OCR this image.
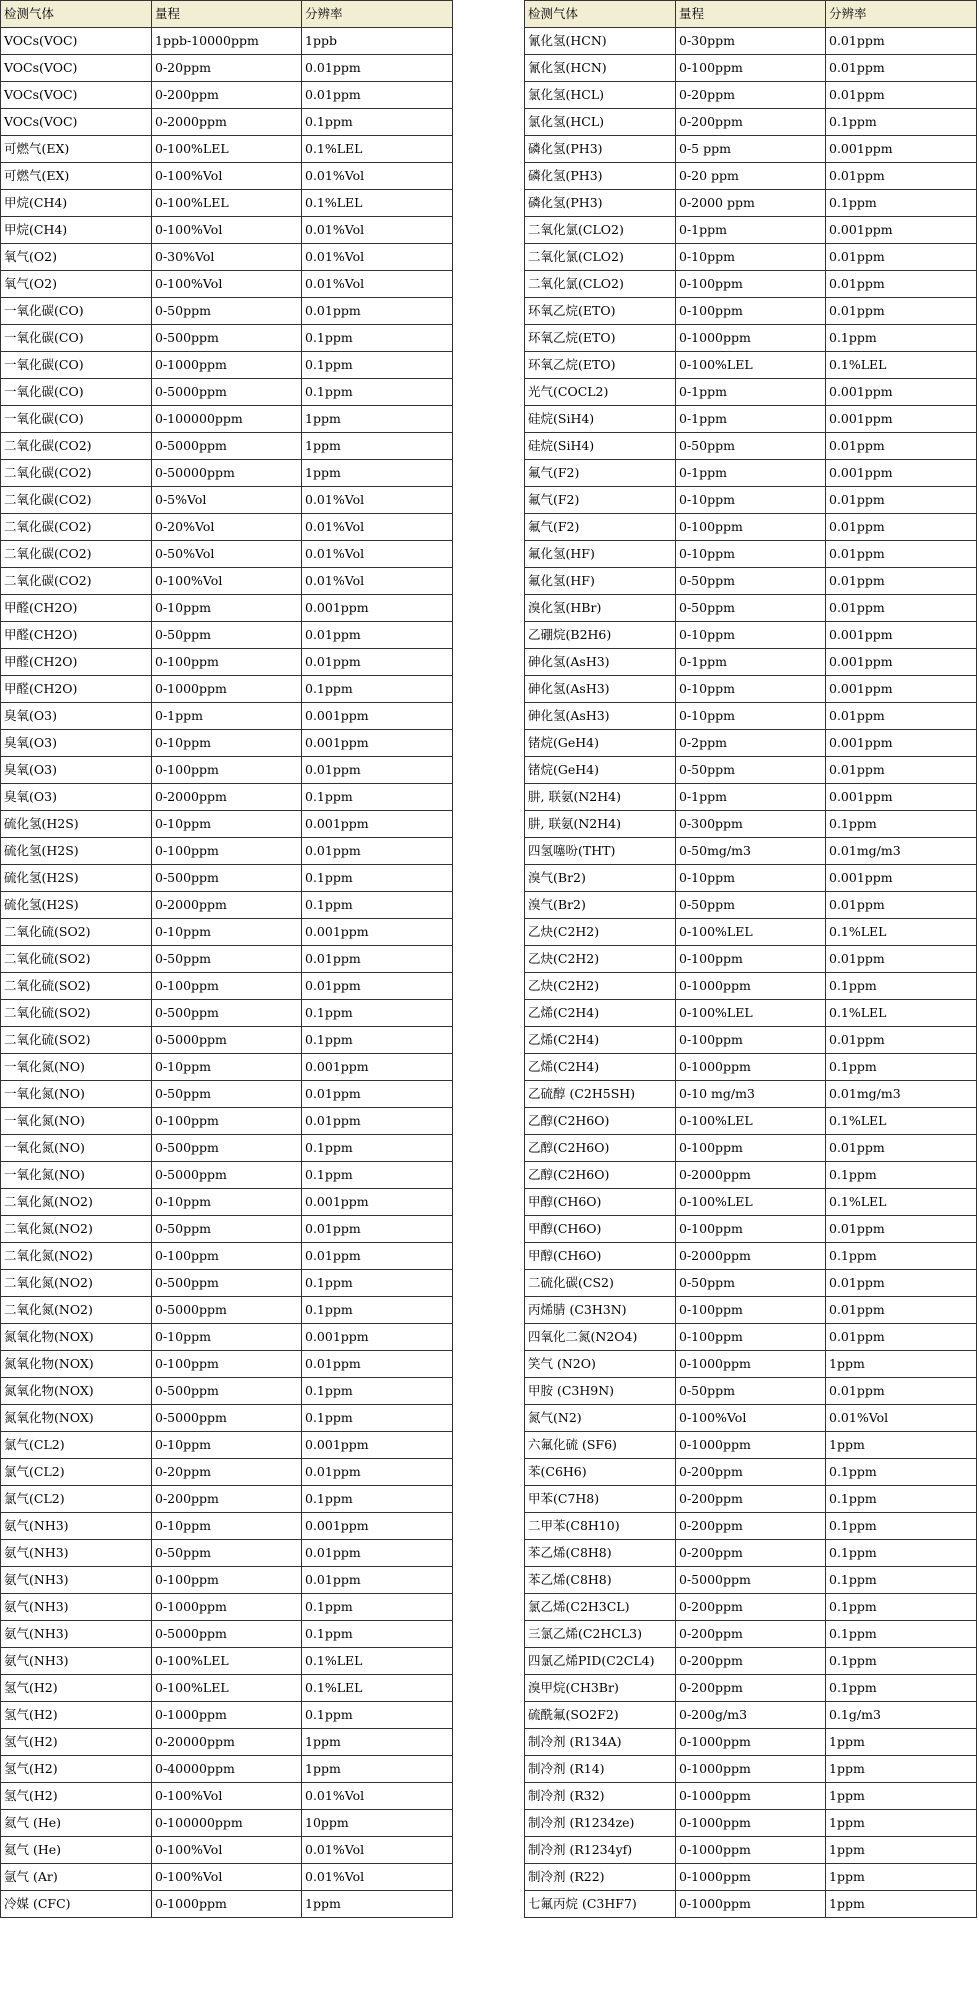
检测气体	量程	分辨率
VOCs(VOC)	1ppb-10000ppm	1ppb
VOCs(VOC)	0-20ppm	0.01ppm
VOCs(VOC)	0-200ppm	0.01ppm
VOCs(VOC)	0-2000ppm	0.1ppm
可燃气(EX)	0-100%LEL	0.1%LEL
可燃气(EX)	0-100%Vol	0.01%Vol
甲烷(CH4)	0-100%LEL	0.1%LEL
甲烷(CH4)	0-100%Vol	0.01%Vol
氧气(O2)	0-30%Vol	0.01%Vol
氧气(O2)	0-100%Vol	0.01%Vol
一氧化碳(CO)	0-50ppm	0.01ppm
一氧化碳(CO)	0-500ppm	0.1ppm
一氧化碳(CO)	0-1000ppm	0.1ppm
一氧化碳(CO)	0-5000ppm	0.1ppm
一氧化碳(CO)	0-100000ppm	1ppm
二氧化碳(CO2)	0-5000ppm	1ppm
二氧化碳(CO2)	0-50000ppm	1ppm
二氧化碳(CO2)	0-5%Vol	0.01%Vol
二氧化碳(CO2)	0-20%Vol	0.01%Vol
二氧化碳(CO2)	0-50%Vol	0.01%Vol
二氧化碳(CO2)	0-100%Vol	0.01%Vol
甲醛(CH2O)	0-10ppm	0.001ppm
甲醛(CH2O)	0-50ppm	0.01ppm
甲醛(CH2O)	0-100ppm	0.01ppm
甲醛(CH2O)	0-1000ppm	0.1ppm
臭氧(O3)	0-1ppm	0.001ppm
臭氧(O3)	0-10ppm	0.001ppm
臭氧(O3)	0-100ppm	0.01ppm
臭氧(O3)	0-2000ppm	0.1ppm
硫化氢(H2S)	0-10ppm	0.001ppm
硫化氢(H2S)	0-100ppm	0.01ppm
硫化氢(H2S)	0-500ppm	0.1ppm
硫化氢(H2S)	0-2000ppm	0.1ppm
二氧化硫(SO2)	0-10ppm	0.001ppm
二氧化硫(SO2)	0-50ppm	0.01ppm
二氧化硫(SO2)	0-100ppm	0.01ppm
二氧化硫(SO2)	0-500ppm	0.1ppm
二氧化硫(SO2)	0-5000ppm	0.1ppm
一氧化氮(NO)	0-10ppm	0.001ppm
一氧化氮(NO)	0-50ppm	0.01ppm
一氧化氮(NO)	0-100ppm	0.01ppm
一氧化氮(NO)	0-500ppm	0.1ppm
一氧化氮(NO)	0-5000ppm	0.1ppm
二氧化氮(NO2)	0-10ppm	0.001ppm
二氧化氮(NO2)	0-50ppm	0.01ppm
二氧化氮(NO2)	0-100ppm	0.01ppm
二氧化氮(NO2)	0-500ppm	0.1ppm
二氧化氮(NO2)	0-5000ppm	0.1ppm
氮氧化物(NOX)	0-10ppm	0.001ppm
氮氧化物(NOX)	0-100ppm	0.01ppm
氮氧化物(NOX)	0-500ppm	0.1ppm
氮氧化物(NOX)	0-5000ppm	0.1ppm
氯气(CL2)	0-10ppm	0.001ppm
氯气(CL2)	0-20ppm	0.01ppm
氯气(CL2)	0-200ppm	0.1ppm
氨气(NH3)	0-10ppm	0.001ppm
氨气(NH3)	0-50ppm	0.01ppm
氨气(NH3)	0-100ppm	0.01ppm
氨气(NH3)	0-1000ppm	0.1ppm
氨气(NH3)	0-5000ppm	0.1ppm
氨气(NH3)	0-100%LEL	0.1%LEL
氢气(H2)	0-100%LEL	0.1%LEL
氢气(H2)	0-1000ppm	0.1ppm
氢气(H2)	0-20000ppm	1ppm
氢气(H2)	0-40000ppm	1ppm
氢气(H2)	0-100%Vol	0.01%Vol
氦气 (He)	0-100000ppm	10ppm
氦气 (He)	0-100%Vol	0.01%Vol
氩气 (Ar)	0-100%Vol	0.01%Vol
冷媒 (CFC)	0-1000ppm	1ppm
检测气体	量程	分辨率
氰化氢(HCN)	0-30ppm	0.01ppm
氰化氢(HCN)	0-100ppm	0.01ppm
氯化氢(HCL)	0-20ppm	0.01ppm
氯化氢(HCL)	0-200ppm	0.1ppm
磷化氢(PH3)	0-5 ppm	0.001ppm
磷化氢(PH3)	0-20 ppm	0.01ppm
磷化氢(PH3)	0-2000 ppm	0.1ppm
二氧化氯(CLO2)	0-1ppm	0.001ppm
二氧化氯(CLO2)	0-10ppm	0.01ppm
二氧化氯(CLO2)	0-100ppm	0.01ppm
环氧乙烷(ETO)	0-100ppm	0.01ppm
环氧乙烷(ETO)	0-1000ppm	0.1ppm
环氧乙烷(ETO)	0-100%LEL	0.1%LEL
光气(COCL2)	0-1ppm	0.001ppm
硅烷(SiH4)	0-1ppm	0.001ppm
硅烷(SiH4)	0-50ppm	0.01ppm
氟气(F2)	0-1ppm	0.001ppm
氟气(F2)	0-10ppm	0.01ppm
氟气(F2)	0-100ppm	0.01ppm
氟化氢(HF)	0-10ppm	0.01ppm
氟化氢(HF)	0-50ppm	0.01ppm
溴化氢(HBr)	0-50ppm	0.01ppm
乙硼烷(B2H6)	0-10ppm	0.001ppm
砷化氢(AsH3)	0-1ppm	0.001ppm
砷化氢(AsH3)	0-10ppm	0.001ppm
砷化氢(AsH3)	0-10ppm	0.01ppm
锗烷(GeH4)	0-2ppm	0.001ppm
锗烷(GeH4)	0-50ppm	0.01ppm
肼, 联氨(N2H4)	0-1ppm	0.001ppm
肼, 联氨(N2H4)	0-300ppm	0.1ppm
四氢噻吩(THT)	0-50mg/m3	0.01mg/m3
溴气(Br2)	0-10ppm	0.001ppm
溴气(Br2)	0-50ppm	0.01ppm
乙炔(C2H2)	0-100%LEL	0.1%LEL
乙炔(C2H2)	0-100ppm	0.01ppm
乙炔(C2H2)	0-1000ppm	0.1ppm
乙烯(C2H4)	0-100%LEL	0.1%LEL
乙烯(C2H4)	0-100ppm	0.01ppm
乙烯(C2H4)	0-1000ppm	0.1ppm
乙硫醇 (C2H5SH)	0-10 mg/m3	0.01mg/m3
乙醇(C2H6O)	0-100%LEL	0.1%LEL
乙醇(C2H6O)	0-100ppm	0.01ppm
乙醇(C2H6O)	0-2000ppm	0.1ppm
甲醇(CH6O)	0-100%LEL	0.1%LEL
甲醇(CH6O)	0-100ppm	0.01ppm
甲醇(CH6O)	0-2000ppm	0.1ppm
二硫化碳(CS2)	0-50ppm	0.01ppm
丙烯腈 (C3H3N)	0-100ppm	0.01ppm
四氧化二氮(N2O4)	0-100ppm	0.01ppm
笑气 (N2O)	0-1000ppm	1ppm
甲胺 (C3H9N)	0-50ppm	0.01ppm
氮气(N2)	0-100%Vol	0.01%Vol
六氟化硫 (SF6)	0-1000ppm	1ppm
苯(C6H6)	0-200ppm	0.1ppm
甲苯(C7H8)	0-200ppm	0.1ppm
二甲苯(C8H10)	0-200ppm	0.1ppm
苯乙烯(C8H8)	0-200ppm	0.1ppm
苯乙烯(C8H8)	0-5000ppm	0.1ppm
氯乙烯(C2H3CL)	0-200ppm	0.1ppm
三氯乙烯(C2HCL3)	0-200ppm	0.1ppm
四氯乙烯PID(C2CL4)	0-200ppm	0.1ppm
溴甲烷(CH3Br)	0-200ppm	0.1ppm
硫酰氟(SO2F2)	0-200g/m3	0.1g/m3
制冷剂 (R134A)	0-1000ppm	1ppm
制冷剂 (R14)	0-1000ppm	1ppm
制冷剂 (R32)	0-1000ppm	1ppm
制冷剂 (R1234ze)	0-1000ppm	1ppm
制冷剂 (R1234yf)	0-1000ppm	1ppm
制冷剂 (R22)	0-1000ppm	1ppm
七氟丙烷 (C3HF7)	0-1000ppm	1ppm
